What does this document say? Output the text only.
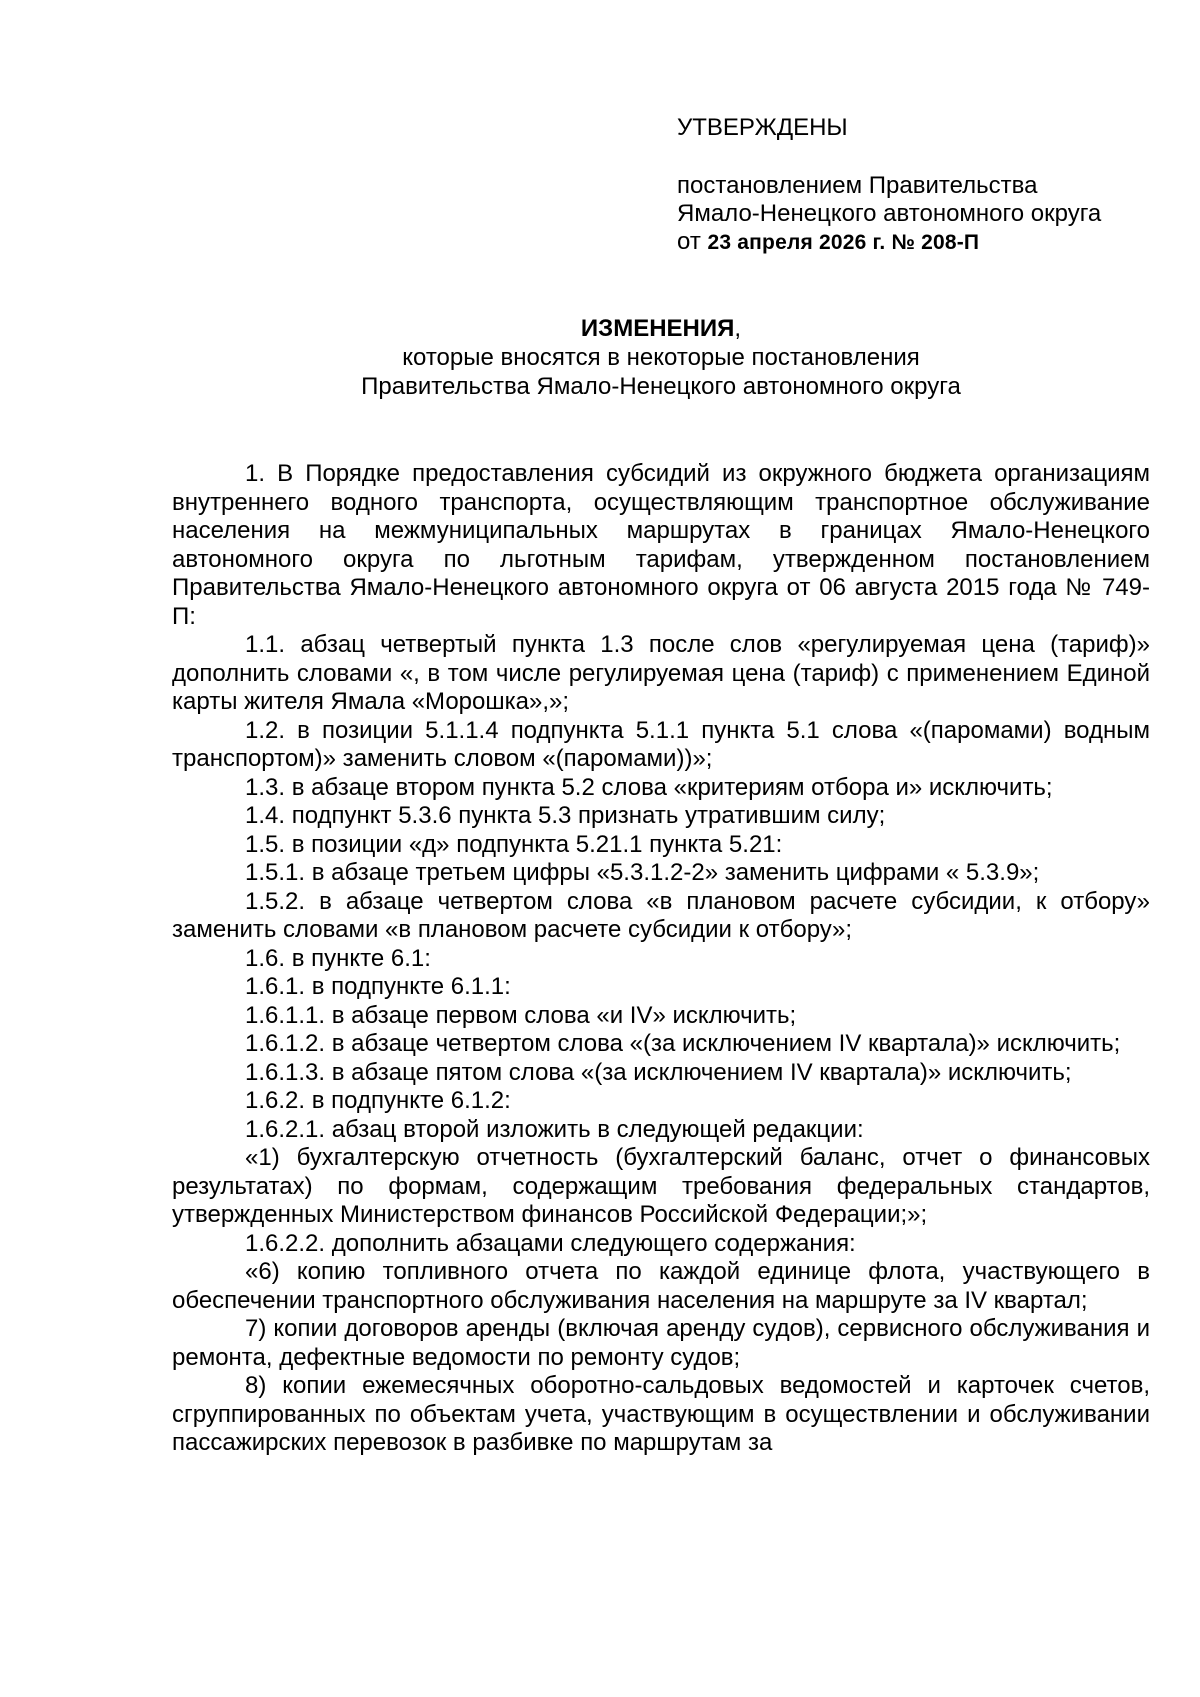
УТВЕРЖДЕНЫ
постановлением Правительства
Ямало-Ненецкого автономного округа
от 23 апреля 2026 г. № 208-П
ИЗМЕНЕНИЯ,
которые вносятся в некоторые постановления
Правительства Ямало-Ненецкого автономного округа

1. В Порядке предоставления субсидий из окружного бюджета организациям внутреннего водного транспорта, осуществляющим транспортное обслуживание населения на межмуниципальных маршрутах в границах Ямало-Ненецкого автономного округа по льготным тарифам, утвержденном постановлением Правительства Ямало-Ненецкого автономного округа от 06 августа 2015 года № 749-П:

1.1. абзац четвертый пункта 1.3 после слов «регулируемая цена (тариф)» дополнить словами «, в том числе регулируемая цена (тариф) с применением Единой карты жителя Ямала «Морошка»,»;

1.2. в позиции 5.1.1.4 подпункта 5.1.1 пункта 5.1 слова «(паромами) водным транспортом)» заменить словом «(паромами))»;

1.3. в абзаце втором пункта 5.2 слова «критериям отбора и» исключить;

1.4. подпункт 5.3.6 пункта 5.3 признать утратившим силу;

1.5. в позиции «д» подпункта 5.21.1 пункта 5.21:

1.5.1. в абзаце третьем цифры «5.3.1.2-2» заменить цифрами « 5.3.9»;

1.5.2. в абзаце четвертом слова «в плановом расчете субсидии, к отбору» заменить словами «в плановом расчете субсидии к отбору»;

1.6. в пункте 6.1:

1.6.1. в подпункте 6.1.1:

1.6.1.1. в абзаце первом слова «и IV» исключить;

1.6.1.2. в абзаце четвертом слова «(за исключением IV квартала)» исключить;

1.6.1.3. в абзаце пятом слова «(за исключением IV квартала)» исключить;

1.6.2. в подпункте 6.1.2:

1.6.2.1. абзац второй изложить в следующей редакции:

«1) бухгалтерскую отчетность (бухгалтерский баланс, отчет о финансовых результатах) по формам, содержащим требования федеральных стандартов, утвержденных Министерством финансов Российской Федерации;»;

1.6.2.2. дополнить абзацами следующего содержания:

«6) копию топливного отчета по каждой единице флота, участвующего в обеспечении транспортного обслуживания населения на маршруте за IV квартал;

7) копии договоров аренды (включая аренду судов), сервисного обслуживания и ремонта, дефектные ведомости по ремонту судов;

8) копии ежемесячных оборотно-сальдовых ведомостей и карточек счетов, сгруппированных по объектам учета, участвующим в осуществлении и обслуживании пассажирских перевозок в разбивке по маршрутам за
